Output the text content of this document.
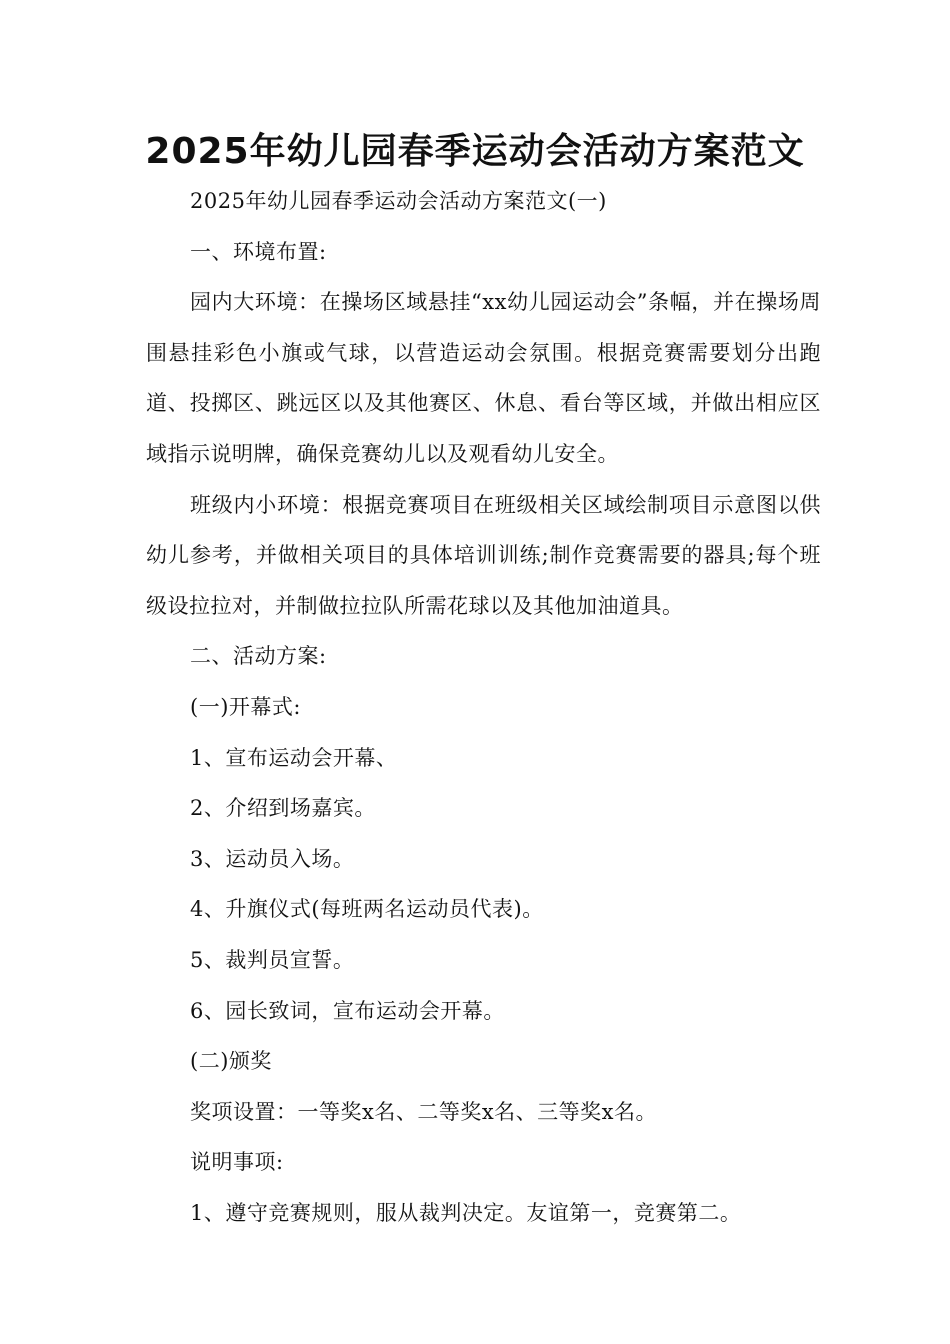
2025年幼儿园春季运动会活动方案范文

2025年幼儿园春季运动会活动方案范文(一)

一、环境布置:

园内大环境：在操场区域悬挂“xx幼儿园运动会”条幅，并在操场周围悬挂彩色小旗或气球，以营造运动会氛围。根据竞赛需要划分出跑道、投掷区、跳远区以及其他赛区、休息、看台等区域，并做出相应区域指示说明牌，确保竞赛幼儿以及观看幼儿安全。

班级内小环境：根据竞赛项目在班级相关区域绘制项目示意图以供幼儿参考，并做相关项目的具体培训训练;制作竞赛需要的器具;每个班级设拉拉对，并制做拉拉队所需花球以及其他加油道具。

二、活动方案:

(一)开幕式:

1、宣布运动会开幕、

2、介绍到场嘉宾。

3、运动员入场。

4、升旗仪式(每班两名运动员代表)。

5、裁判员宣誓。

6、园长致词，宣布运动会开幕。

(二)颁奖

奖项设置：一等奖x名、二等奖x名、三等奖x名。

说明事项:

1、遵守竞赛规则，服从裁判决定。友谊第一，竞赛第二。
